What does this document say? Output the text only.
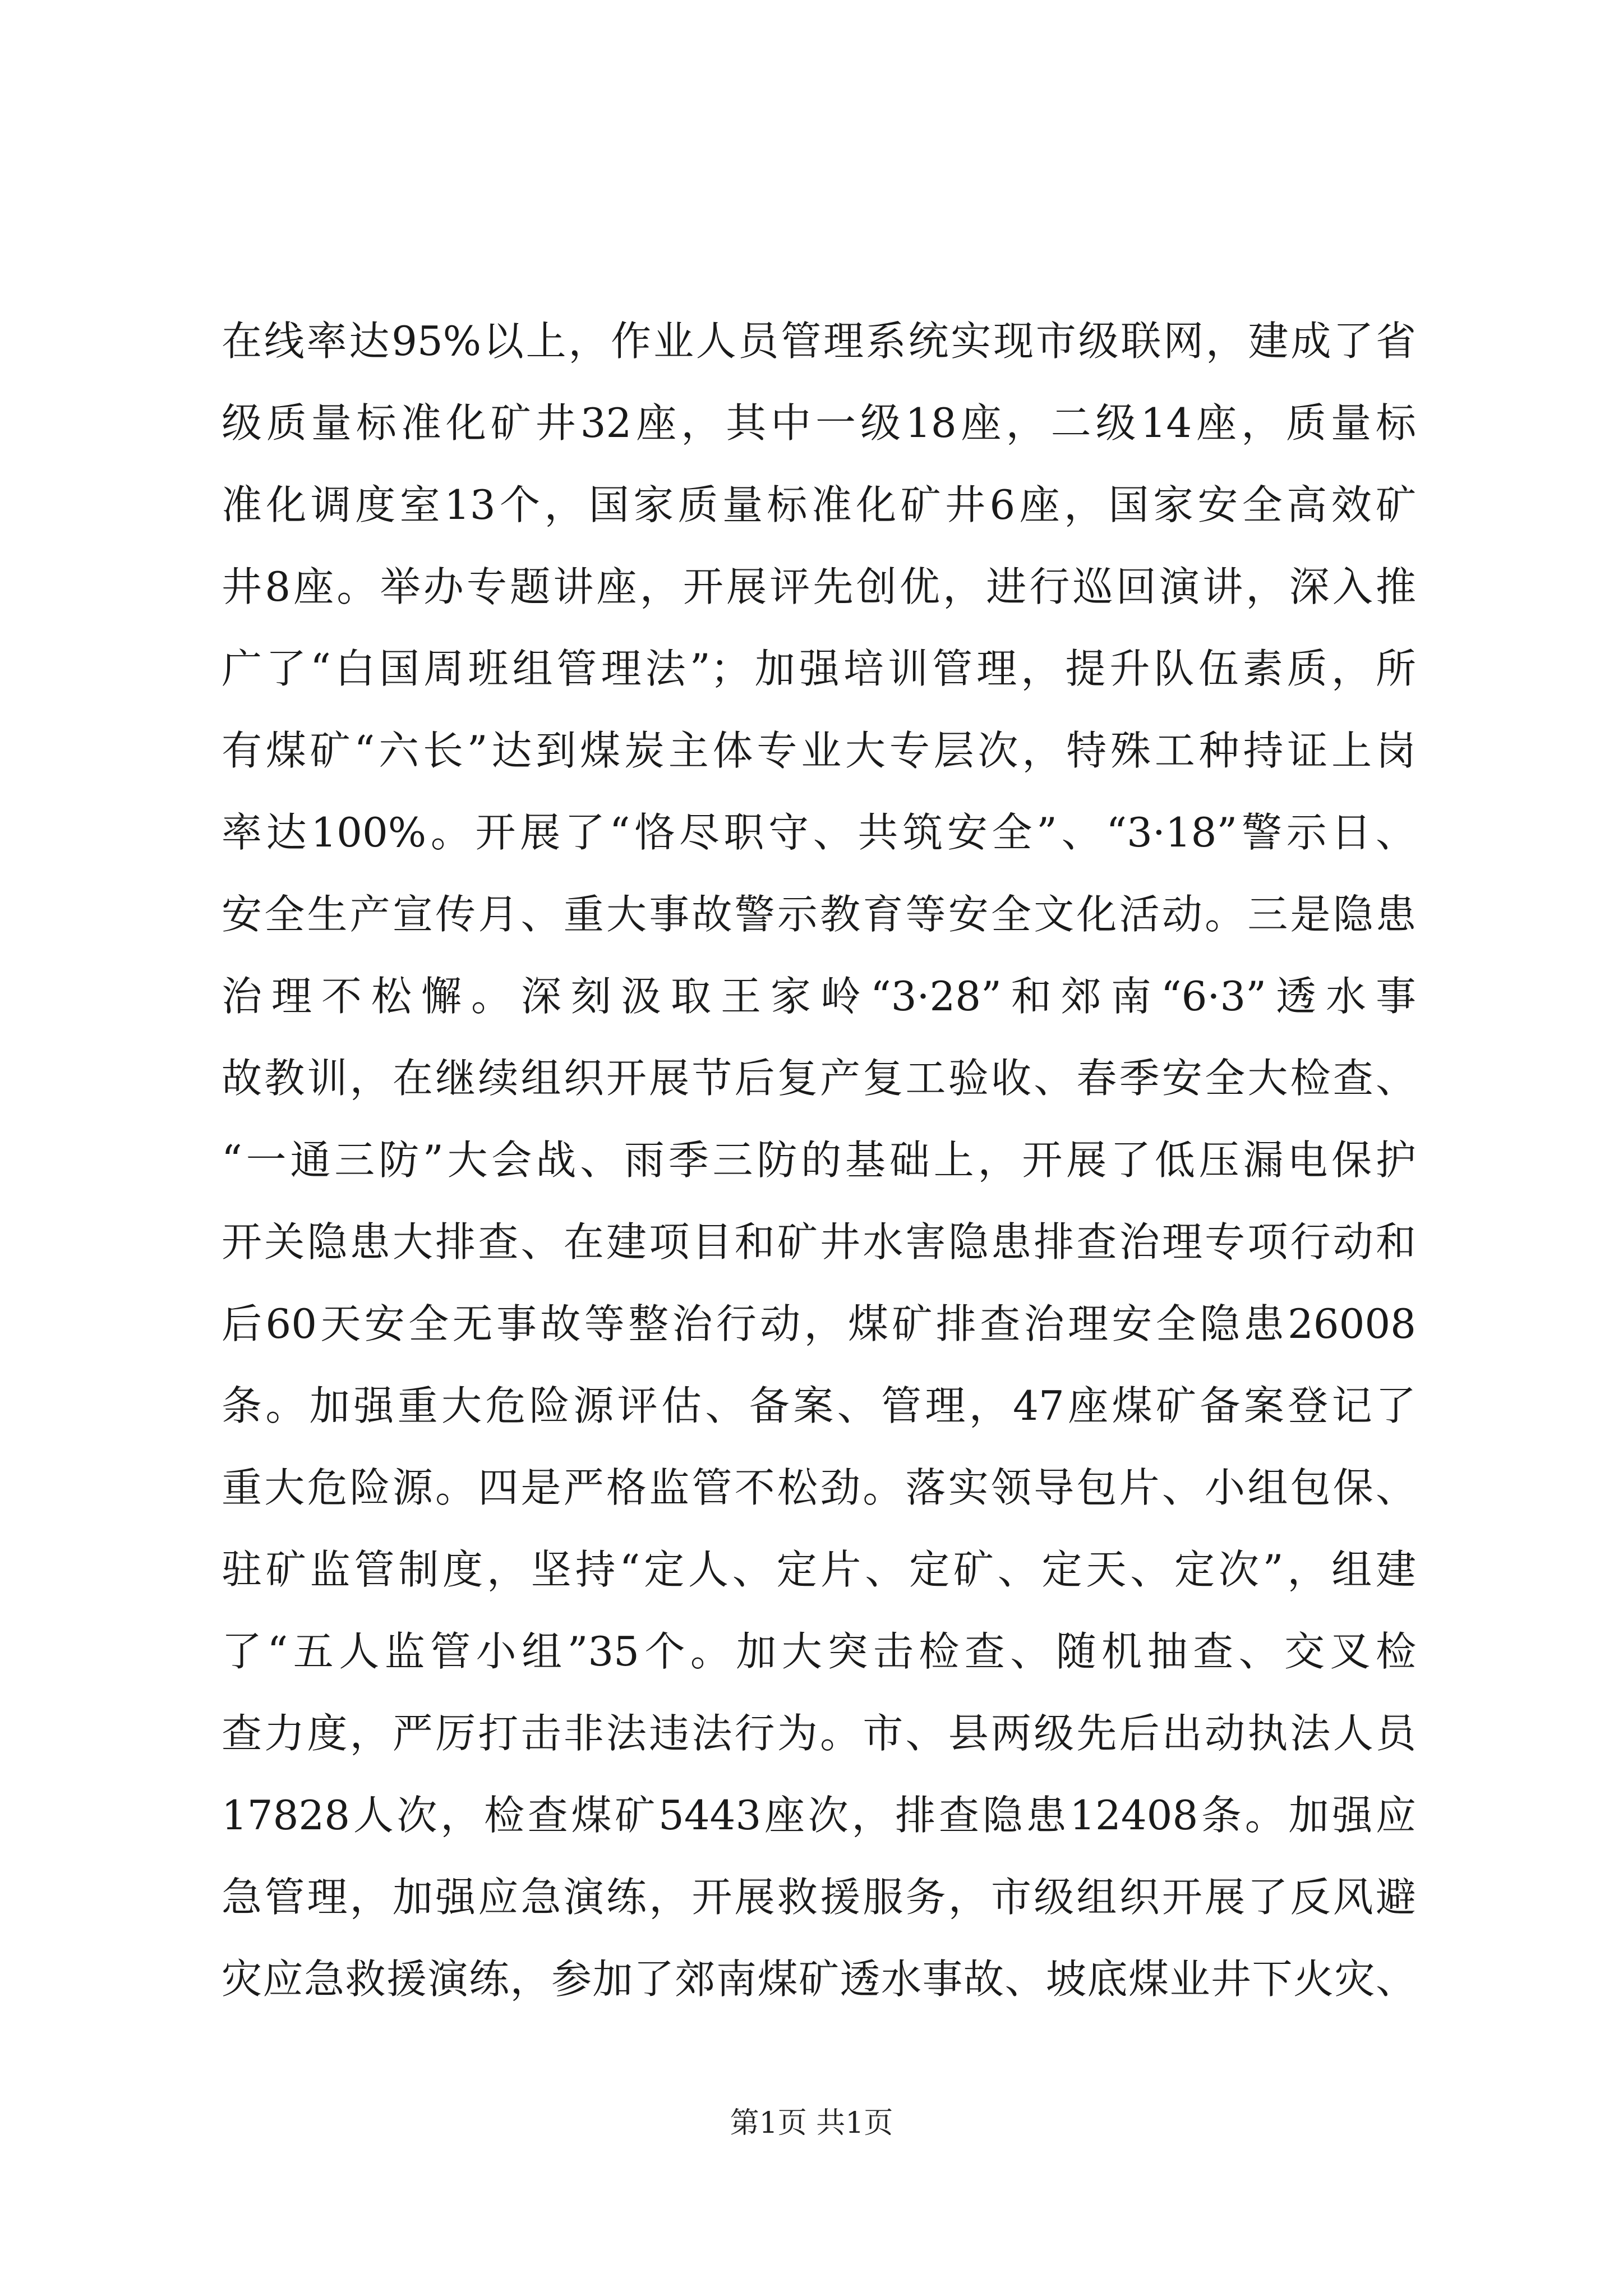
在线率达95%以上，作业人员管理系统实现市级联网，建成了省
级质量标准化矿井32座，其中一级18座，二级14座，质量标
准化调度室13个，国家质量标准化矿井6座，国家安全高效矿
井8座。举办专题讲座，开展评先创优，进行巡回演讲，深入推
广了“白国周班组管理法”；加强培训管理，提升队伍素质，所
有煤矿“六长”达到煤炭主体专业大专层次，特殊工种持证上岗
率达100%。开展了“恪尽职守、共筑安全”、“3·18”警示日、
安全生产宣传月、重大事故警示教育等安全文化活动。三是隐患
治理不松懈。深刻汲取王家岭“3·28”和郊南“6·3”透水事
故教训，在继续组织开展节后复产复工验收、春季安全大检查、
“一通三防”大会战、雨季三防的基础上，开展了低压漏电保护
开关隐患大排查、在建项目和矿井水害隐患排查治理专项行动和
后60天安全无事故等整治行动，煤矿排查治理安全隐患26008
条。加强重大危险源评估、备案、管理，47座煤矿备案登记了
重大危险源。四是严格监管不松劲。落实领导包片、小组包保、
驻矿监管制度，坚持“定人、定片、定矿、定天、定次”，组建
了“五人监管小组”35个。加大突击检查、随机抽查、交叉检
查力度，严厉打击非法违法行为。市、县两级先后出动执法人员
17828人次，检查煤矿5443座次，排查隐患12408条。加强应
急管理，加强应急演练，开展救援服务，市级组织开展了反风避
灾应急救援演练，参加了郊南煤矿透水事故、坡底煤业井下火灾、
第1页 共1页
